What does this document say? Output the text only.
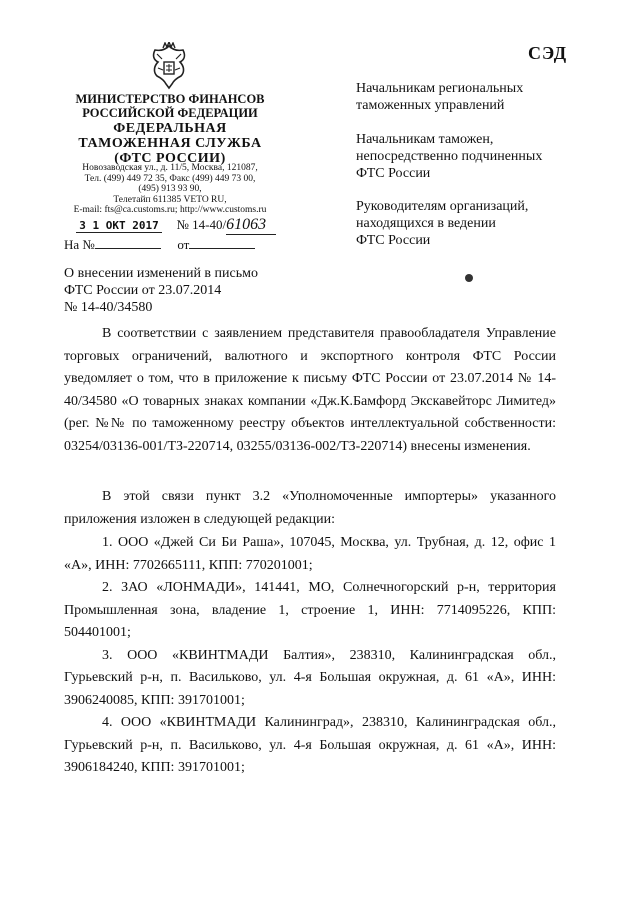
СЭД
МИНИСТЕРСТВО ФИНАНСОВ
РОССИЙСКОЙ ФЕДЕРАЦИИ
ФЕДЕРАЛЬНАЯ
ТАМОЖЕННАЯ СЛУЖБА
(ФТС РОССИИ)
Новозаводская ул., д. 11/5, Москва, 121087,
Тел. (499) 449 72 35, Факс (499) 449 73 00,
(495) 913 93 90,
Телетайп 611385 VETO RU,
E-mail: fts@ca.customs.ru; http://www.customs.ru
3 1 ОКТ 2017 № 14-40/61063
На №	от
Начальникам региональных
таможенных управлений
Начальникам таможен,
непосредственно подчиненных
ФТС России
Руководителям организаций,
находящихся в ведении
ФТС России
О внесении изменений в письмо
ФТС России от 23.07.2014
№ 14-40/34580

В соответствии с заявлением представителя правообладателя Управление торговых ограничений, валютного и экспортного контроля ФТС России уведомляет о том, что в приложение к письму ФТС России от 23.07.2014 № 14-40/34580 «О товарных знаках компании «Дж.К.Бамфорд Экскавейторс Лимитед» (рег. №№ по таможенному реестру объектов интеллектуальной собственности: 03254/03136-001/ТЗ-220714, 03255/03136-002/ТЗ-220714) внесены изменения.

В этой связи пункт 3.2 «Уполномоченные импортеры» указанного приложения изложен в следующей редакции:

1. ООО «Джей Си Би Раша», 107045, Москва, ул. Трубная, д. 12, офис 1 «А», ИНН: 7702665111, КПП: 770201001;

2. ЗАО «ЛОНМАДИ», 141441, МО, Солнечногорский р-н, территория Промышленная зона, владение 1, строение 1, ИНН: 7714095226, КПП: 504401001;

3. ООО «КВИНТМАДИ Балтия», 238310, Калининградская обл., Гурьевский р-н, п. Васильково, ул. 4-я Большая окружная, д. 61 «А», ИНН: 3906240085, КПП: 391701001;

4. ООО «КВИНТМАДИ Калининград», 238310, Калининградская обл., Гурьевский р-н, п. Васильково, ул. 4-я Большая окружная, д. 61 «А», ИНН: 3906184240, КПП: 391701001;
